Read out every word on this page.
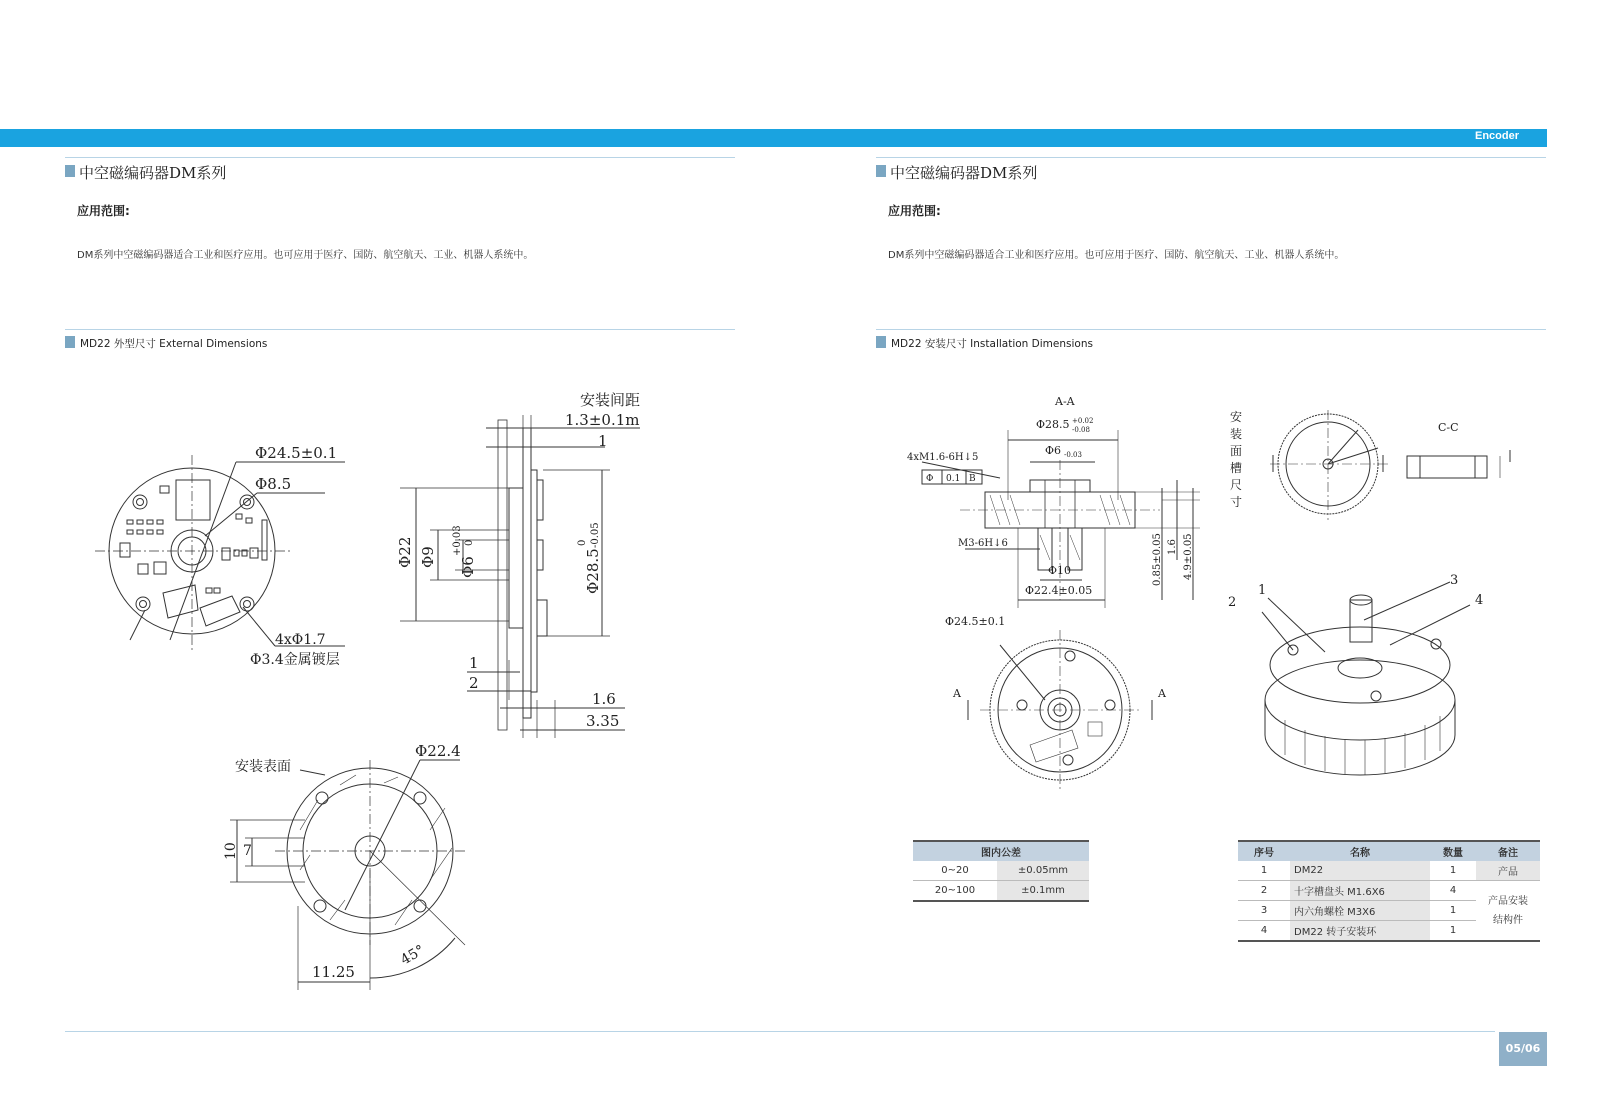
Encoder
中空磁编码器DM系列
应用范围:
DM系列中空磁编码器适合工业和医疗应用。也可应用于医疗、国防、航空航天、工业、机器人系统中。
MD22 外型尺寸 External Dimensions
中空磁编码器DM系列
应用范围:
DM系列中空磁编码器适合工业和医疗应用。也可应用于医疗、国防、航空航天、工业、机器人系统中。
MD22 安装尺寸 Installation Dimensions
Φ24.5±0.1
Φ8.5
4xΦ1.7
Φ3.4金属镀层
安装间距
1.3±0.1m
1
Φ22 Φ9 Φ6
+0.03 0
Φ28.5
0 -0.05
1
2
1.6
3.35
安装表面
Φ22.4
10 7
11.25
45°
A-A
Φ28.5 +0.02
-0.08
4xM1.6-6H↓5
Φ 0.1 B
Φ6 -0.03
M3-6H↓6
Φ10
Φ22.4±0.05
0.85±0.05 1.6 4.9±0.05
Φ24.5±0.1
A	A
安
装
面
槽
尺
寸
C-C
1
2
3
4
图内公差	
0~20	±0.05mm
20~100	±0.1mm
序号	名称	数量	备注
1	DM22	1	产品
2	十字槽盘头 M1.6X6	4	产品安装
结构件
3	内六角螺栓 M3X6	1	
4	DM22 转子安装环	1	
05/06
